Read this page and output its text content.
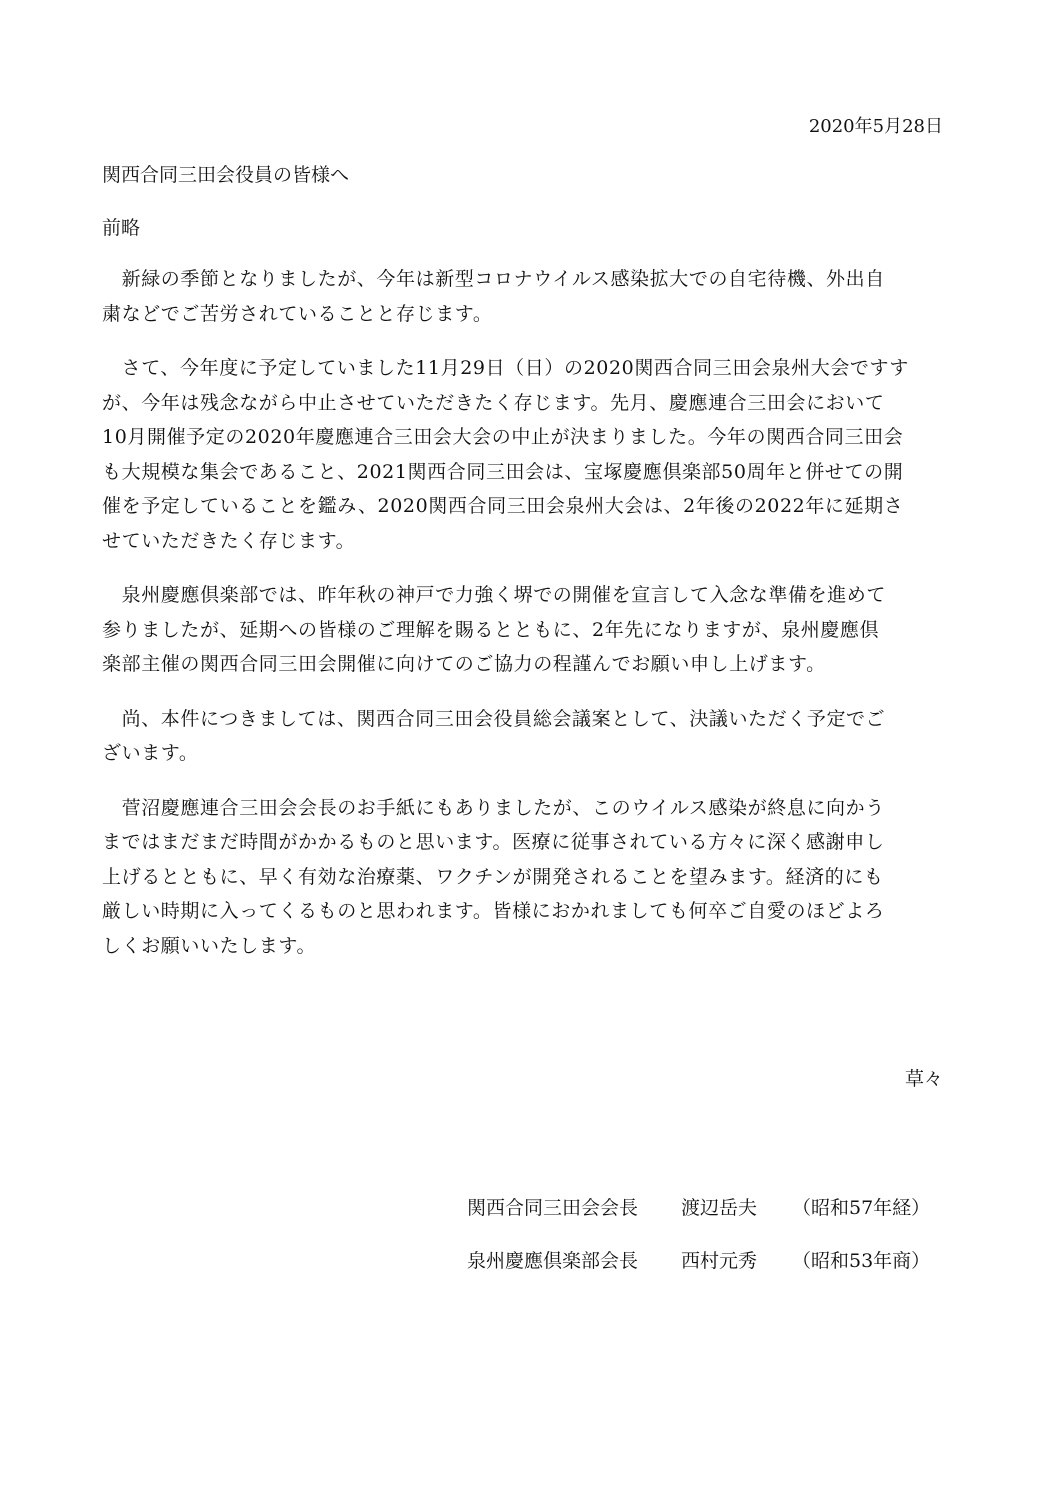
2020年5月28日
関西合同三田会役員の皆様へ
前略

　新緑の季節となりましたが、今年は新型コロナウイルス感染拡大での自宅待機、外出自
粛などでご苦労されていることと存じます。

　さて、今年度に予定していました11月29日（日）の2020関西合同三田会泉州大会ですす
が、今年は残念ながら中止させていただきたく存じます。先月、慶應連合三田会において
10月開催予定の2020年慶應連合三田会大会の中止が決まりました。今年の関西合同三田会
も大規模な集会であること、2021関西合同三田会は、宝塚慶應倶楽部50周年と併せての開
催を予定していることを鑑み、2020関西合同三田会泉州大会は、2年後の2022年に延期さ
せていただきたく存じます。

　泉州慶應倶楽部では、昨年秋の神戸で力強く堺での開催を宣言して入念な準備を進めて
参りましたが、延期への皆様のご理解を賜るとともに、2年先になりますが、泉州慶應倶
楽部主催の関西合同三田会開催に向けてのご協力の程謹んでお願い申し上げます。

　尚、本件につきましては、関西合同三田会役員総会議案として、決議いただく予定でご
ざいます。

　菅沼慶應連合三田会会長のお手紙にもありましたが、このウイルス感染が終息に向かう
まではまだまだ時間がかかるものと思います。医療に従事されている方々に深く感謝申し
上げるとともに、早く有効な治療薬、ワクチンが開発されることを望みます。経済的にも
厳しい時期に入ってくるものと思われます。皆様におかれましても何卒ご自愛のほどよろ
しくお願いいたします。

草々
関西合同三田会会長 渡辺岳夫 （昭和57年経）
泉州慶應倶楽部会長 西村元秀 （昭和53年商）
